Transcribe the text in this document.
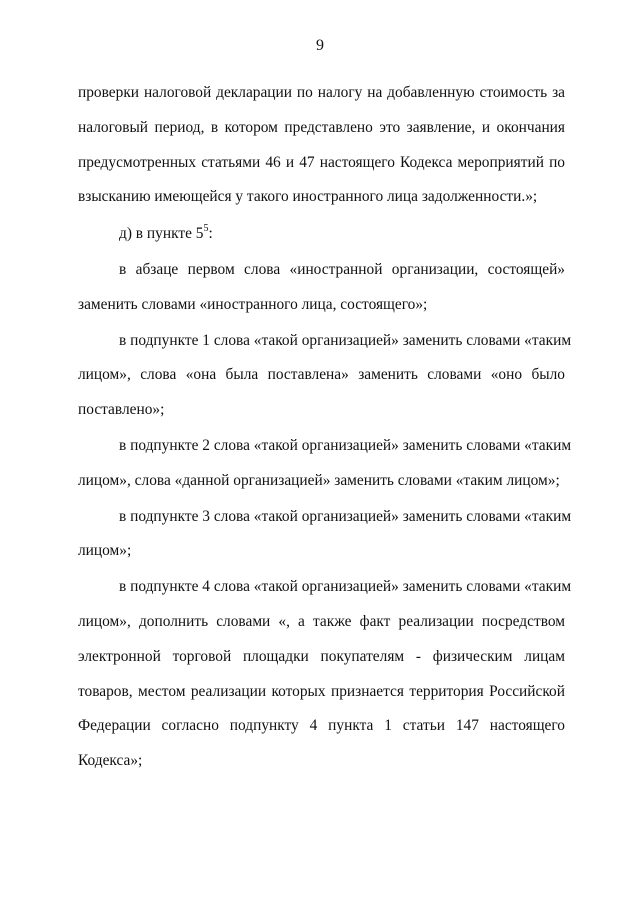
9

проверки налоговой декларации по налогу на добавленную стоимость за
налоговый период, в котором представлено это заявление, и окончания
предусмотренных статьями 46 и 47 настоящего Кодекса мероприятий по
взысканию имеющейся у такого иностранного лица задолженности.»;

д) в пункте $5^5$:

в абзаце первом слова «иностранной организации, состоящей»
заменить словами «иностранного лица, состоящего»;

в подпункте 1 слова «такой организацией» заменить словами «таким
лицом», слова «она была поставлена» заменить словами «оно было
поставлено»;

в подпункте 2 слова «такой организацией» заменить словами «таким
лицом», слова «данной организацией» заменить словами «таким лицом»;

в подпункте 3 слова «такой организацией» заменить словами «таким
лицом»;

в подпункте 4 слова «такой организацией» заменить словами «таким
лицом», дополнить словами «, а также факт реализации посредством
электронной торговой площадки покупателям - физическим лицам
товаров, местом реализации которых признается территория Российской
Федерации согласно подпункту 4 пункта 1 статьи 147 настоящего
Кодекса»;
